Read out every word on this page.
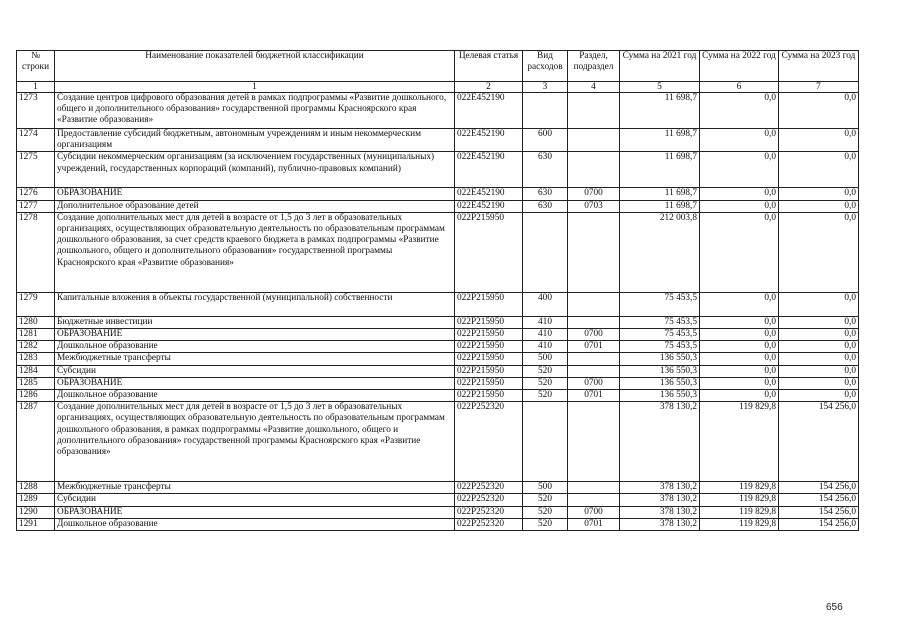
№ строки	Наименование показателей бюджетной классификации	Целевая статья	Вид расходов	Раздел, подраздел	Сумма на 2021 год	Сумма на 2022 год	Сумма на 2023 год
1	1	2	3	4	5	6	7
1273	Создание центров цифрового образования детей в рамках подпрограммы «Развитие дошкольного, общего и дополнительного образования» государственной программы Красноярского края «Развитие образования»	022E452190			11 698,7	0,0	0,0
1274	Предоставление субсидий бюджетным, автономным учреждениям и иным некоммерческим организациям	022E452190	600		11 698,7	0,0	0,0
1275	Субсидии некоммерческим организациям (за исключением государственных (муниципальных) учреждений, государственных корпораций (компаний), публично-правовых компаний)	022E452190	630		11 698,7	0,0	0,0
1276	ОБРАЗОВАНИЕ	022E452190	630	0700	11 698,7	0,0	0,0
1277	Дополнительное образование детей	022E452190	630	0703	11 698,7	0,0	0,0
1278	Создание дополнительных мест для детей в возрасте от 1,5 до 3 лет в образовательных организациях, осуществляющих образовательную деятельность по образовательным программам дошкольного образования, за счет средств краевого бюджета в рамках подпрограммы «Развитие дошкольного, общего и дополнительного образования» государственной программы Красноярского края «Развитие образования»	022P215950			212 003,8	0,0	0,0
1279	Капитальные вложения в объекты государственной (муниципальной) собственности	022P215950	400		75 453,5	0,0	0,0
1280	Бюджетные инвестиции	022P215950	410		75 453,5	0,0	0,0
1281	ОБРАЗОВАНИЕ	022P215950	410	0700	75 453,5	0,0	0,0
1282	Дошкольное образование	022P215950	410	0701	75 453,5	0,0	0,0
1283	Межбюджетные трансферты	022P215950	500		136 550,3	0,0	0,0
1284	Субсидии	022P215950	520		136 550,3	0,0	0,0
1285	ОБРАЗОВАНИЕ	022P215950	520	0700	136 550,3	0,0	0,0
1286	Дошкольное образование	022P215950	520	0701	136 550,3	0,0	0,0
1287	Создание дополнительных мест для детей в возрасте от 1,5 до 3 лет в образовательных организациях, осуществляющих образовательную деятельность по образовательным программам дошкольного образования, в рамках подпрограммы «Развитие дошкольного, общего и дополнительного образования» государственной программы Красноярского края «Развитие образования»	022P252320			378 130,2	119 829,8	154 256,0
1288	Межбюджетные трансферты	022P252320	500		378 130,2	119 829,8	154 256,0
1289	Субсидии	022P252320	520		378 130,2	119 829,8	154 256,0
1290	ОБРАЗОВАНИЕ	022P252320	520	0700	378 130,2	119 829,8	154 256,0
1291	Дошкольное образование	022P252320	520	0701	378 130,2	119 829,8	154 256,0
656
